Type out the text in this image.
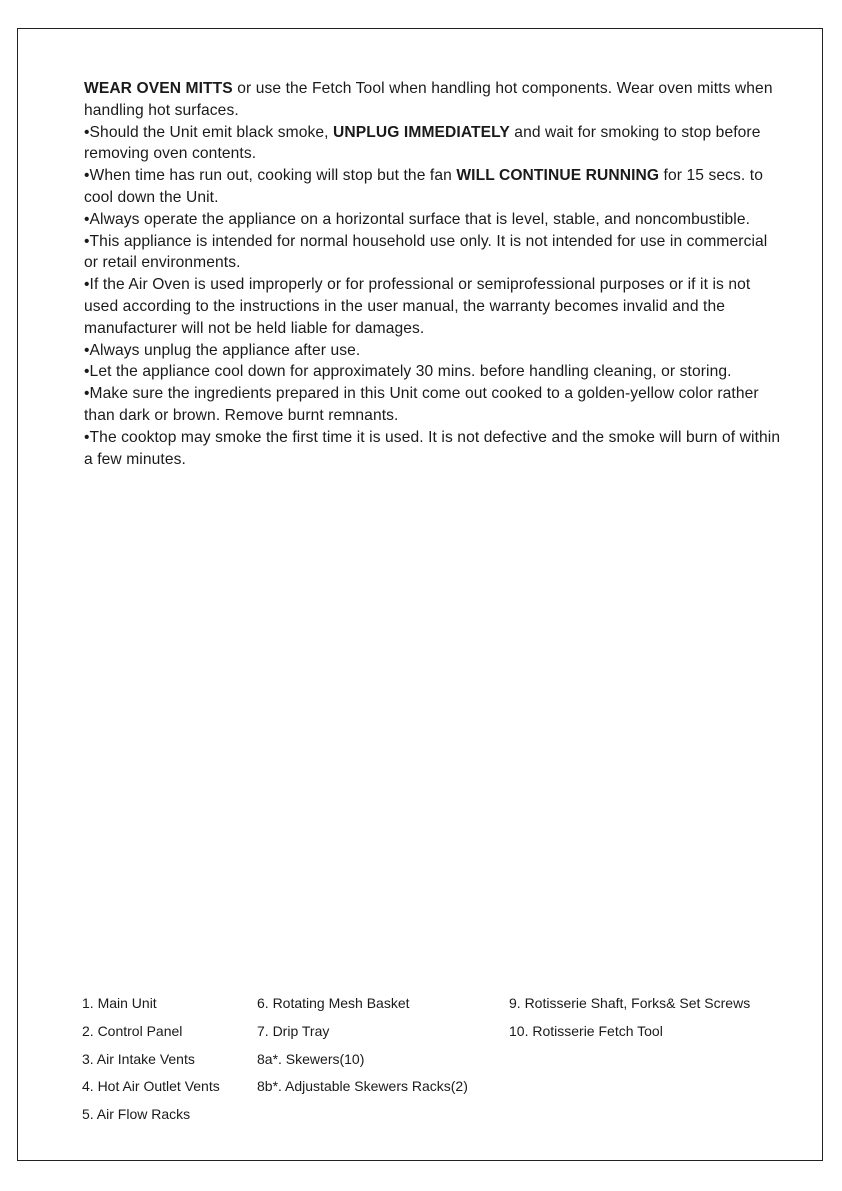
WEAR OVEN MITTS or use the Fetch Tool when handling hot components. Wear oven mitts when handling hot surfaces.

•Should the Unit emit black smoke, UNPLUG IMMEDIATELY and wait for smoking to stop before removing oven contents.

•When time has run out, cooking will stop but the fan WILL CONTINUE RUNNING for 15 secs. to cool down the Unit.

•Always operate the appliance on a horizontal surface that is level, stable, and noncombustible.

•This appliance is intended for normal household use only. It is not intended for use in commercial or retail environments.

•If the Air Oven is used improperly or for professional or semiprofessional purposes or if it is not used according to the instructions in the user manual, the warranty becomes invalid and the manufacturer will not be held liable for damages.

•Always unplug the appliance after use.

•Let the appliance cool down for approximately 30 mins. before handling cleaning, or storing.

•Make sure the ingredients prepared in this Unit come out cooked to a golden-yellow color rather than dark or brown. Remove burnt remnants.

•The cooktop may smoke the first time it is used. It is not defective and the smoke will burn of within a few minutes.

1. Main Unit
2. Control Panel
3. Air Intake Vents
4. Hot Air Outlet Vents
5. Air Flow Racks
6. Rotating Mesh Basket
7. Drip Tray
8a*. Skewers(10)
8b*. Adjustable Skewers Racks(2)
9. Rotisserie Shaft, Forks& Set Screws
10. Rotisserie Fetch Tool
